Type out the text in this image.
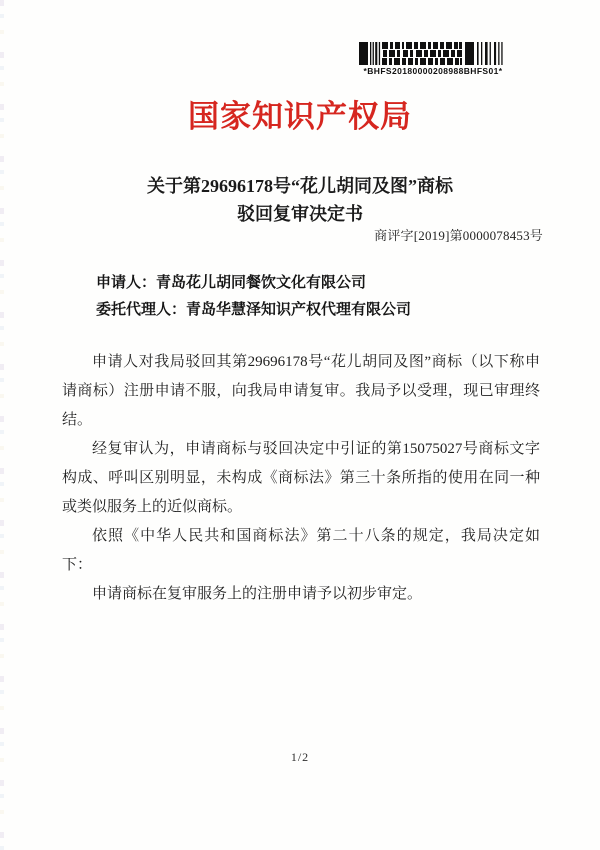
*BHFS20180000208988BHFS01*
国家知识产权局
关于第29696178号“花儿胡同及图”商标
驳回复审决定书
商评字[2019]第0000078453号
申请人：青岛花儿胡同餐饮文化有限公司
委托代理人：青岛华慧泽知识产权代理有限公司

申请人对我局驳回其第29696178号“花儿胡同及图”商标（以下称申请商标）注册申请不服，向我局申请复审。我局予以受理，现已审理终结。

经复审认为，申请商标与驳回决定中引证的第15075027号商标文字构成、呼叫区别明显，未构成《商标法》第三十条所指的使用在同一种或类似服务上的近似商标。

依照《中华人民共和国商标法》第二十八条的规定，我局决定如下：

申请商标在复审服务上的注册申请予以初步审定。

1/2
